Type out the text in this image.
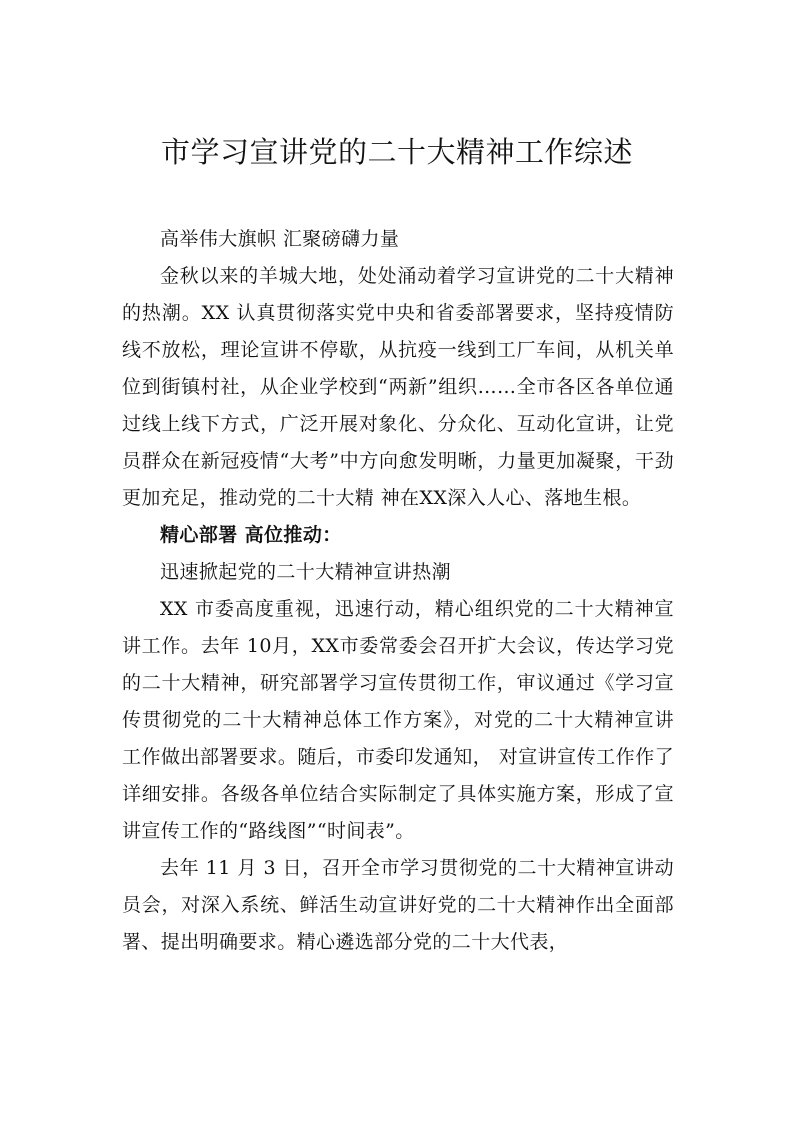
市学习宣讲党的二十大精神工作综述

高举伟大旗帜 汇聚磅礴力量

金秋以来的羊城大地，处处涌动着学习宣讲党的二十大精神的热潮。XX 认真贯彻落实党中央和省委部署要求，坚持疫情防线不放松，理论宣讲不停歇，从抗疫一线到工厂车间，从机关单位到街镇村社，从企业学校到“两新”组织……全市各区各单位通过线上线下方式，广泛开展对象化、分众化、互动化宣讲，让党员群众在新冠疫情“大考”中方向愈发明晰，力量更加凝聚，干劲更加充足，推动党的二十大精 神在XX深入人心、落地生根。

精心部署 高位推动：

迅速掀起党的二十大精神宣讲热潮

XX 市委高度重视，迅速行动，精心组织党的二十大精神宣讲工作。去年 10月，XX市委常委会召开扩大会议，传达学习党的二十大精神，研究部署学习宣传贯彻工作，审议通过《学习宣传贯彻党的二十大精神总体工作方案》，对党的二十大精神宣讲工作做出部署要求。随后，市委印发通知， 对宣讲宣传工作作了详细安排。各级各单位结合实际制定了具体实施方案，形成了宣讲宣传工作的“路线图”“时间表”。

去年 11 月 3 日，召开全市学习贯彻党的二十大精神宣讲动员会，对深入系统、鲜活生动宣讲好党的二十大精神作出全面部署、提出明确要求。精心遴选部分党的二十大代表，
